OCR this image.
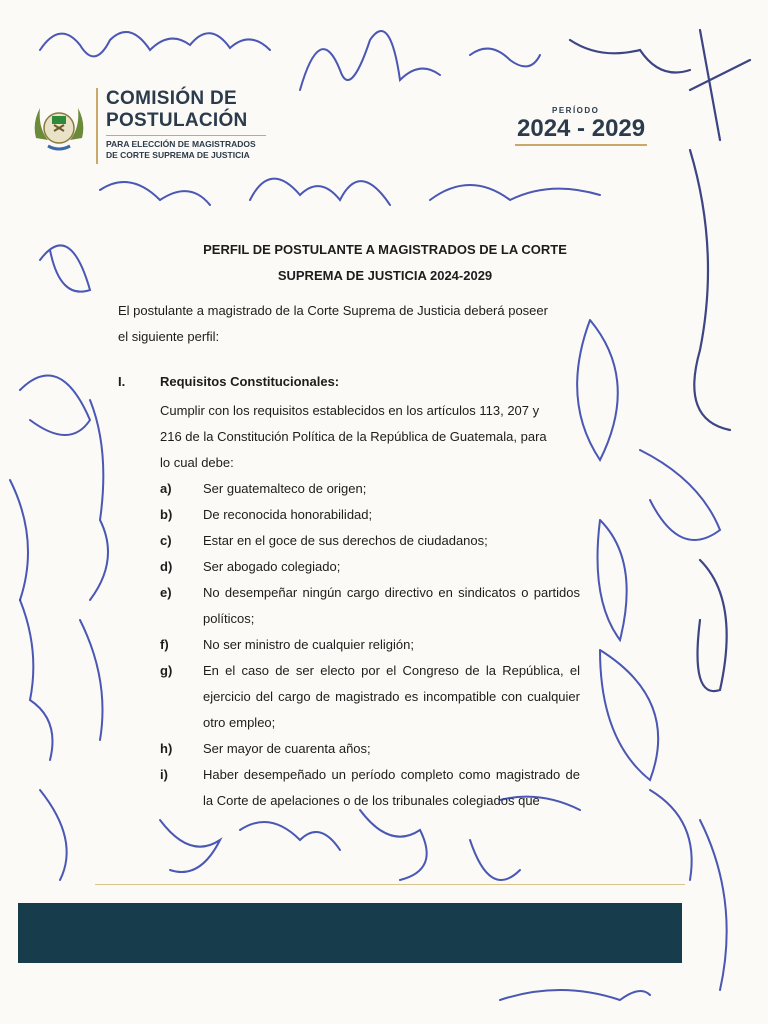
COMISIÓN DE
POSTULACIÓN
PARA ELECCIÓN DE MAGISTRADOS
DE CORTE SUPREMA DE JUSTICIA
PERÍODO
2024 - 2029
PERFIL DE POSTULANTE A MAGISTRADOS DE LA CORTE
SUPREMA DE JUSTICIA 2024-2029
El postulante a magistrado de la Corte Suprema de Justicia deberá poseer
el siguiente perfil:
I.	Requisitos Constitucionales:
Cumplir con los requisitos establecidos en los artículos 113, 207 y
216 de la Constitución Política de la República de Guatemala, para
lo cual debe:
a)	Ser guatemalteco de origen;
b)	De reconocida honorabilidad;
c)	Estar en el goce de sus derechos de ciudadanos;
d)	Ser abogado colegiado;
e)	No desempeñar ningún cargo directivo en sindicatos o partidos políticos;
f)	No ser ministro de cualquier religión;
g)	En el caso de ser electo por el Congreso de la República, el ejercicio del cargo de magistrado es incompatible con cualquier otro empleo;
h)	Ser mayor de cuarenta años;
i)	Haber desempeñado un período completo como magistrado de la Corte de apelaciones o de los tribunales colegiados que
